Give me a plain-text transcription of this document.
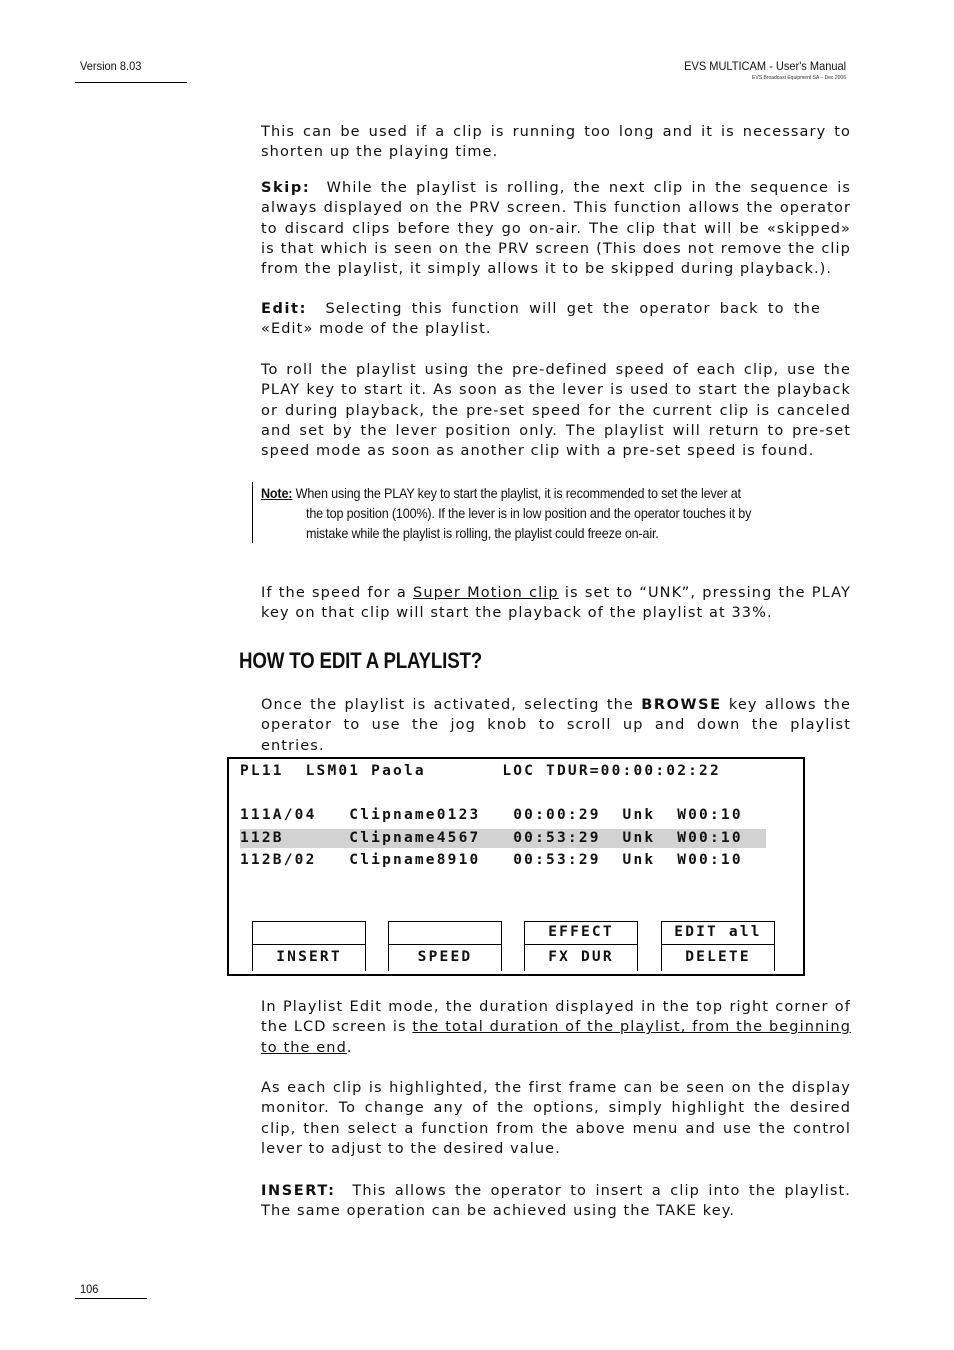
Version 8.03	EVS MULTICAM - User's Manual
EVS Broadcast Equipment SA – Dec 2006
This can be used if a clip is running too long and it is necessary to shorten up the playing time.
Skip: While the playlist is rolling, the next clip in the sequence is always displayed on the PRV screen. This function allows the operator to discard clips before they go on-air. The clip that will be «skipped» is that which is seen on the PRV screen (This does not remove the clip from the playlist, it simply allows it to be skipped during playback.).
Edit: Selecting this function will get the operator back to the «Edit» mode of the playlist.
To roll the playlist using the pre-defined speed of each clip, use the PLAY key to start it. As soon as the lever is used to start the playback or during playback, the pre-set speed for the current clip is canceled and set by the lever position only. The playlist will return to pre-set speed mode as soon as another clip with a pre-set speed is found.
Note: When using the PLAY key to start the playlist, it is recommended to set the lever at
the top position (100%). If the lever is in low position and the operator touches it by
mistake while the playlist is rolling, the playlist could freeze on-air.
If the speed for a Super Motion clip is set to “UNK”, pressing the PLAY key on that clip will start the playback of the playlist at 33%.
HOW TO EDIT A PLAYLIST?
Once the playlist is activated, selecting the BROWSE key allows the operator to use the jog knob to scroll up and down the playlist entries.
PL11  LSM01 Paola       LOC TDUR=00:00:02:22
111A/04   Clipname0123   00:00:29  Unk  W00:10
112B      Clipname4567   00:53:29  Unk  W00:10
112B/02   Clipname8910   00:53:29  Unk  W00:10
INSERT	SPEED
EFFECT
FX DUR
EDIT all
DELETE
In Playlist Edit mode, the duration displayed in the top right corner of the LCD screen is the total duration of the playlist, from the beginning to the end.
As each clip is highlighted, the first frame can be seen on the display monitor. To change any of the options, simply highlight the desired clip, then select a function from the above menu and use the control lever to adjust to the desired value.
INSERT: This allows the operator to insert a clip into the playlist. The same operation can be achieved using the TAKE key.
106
